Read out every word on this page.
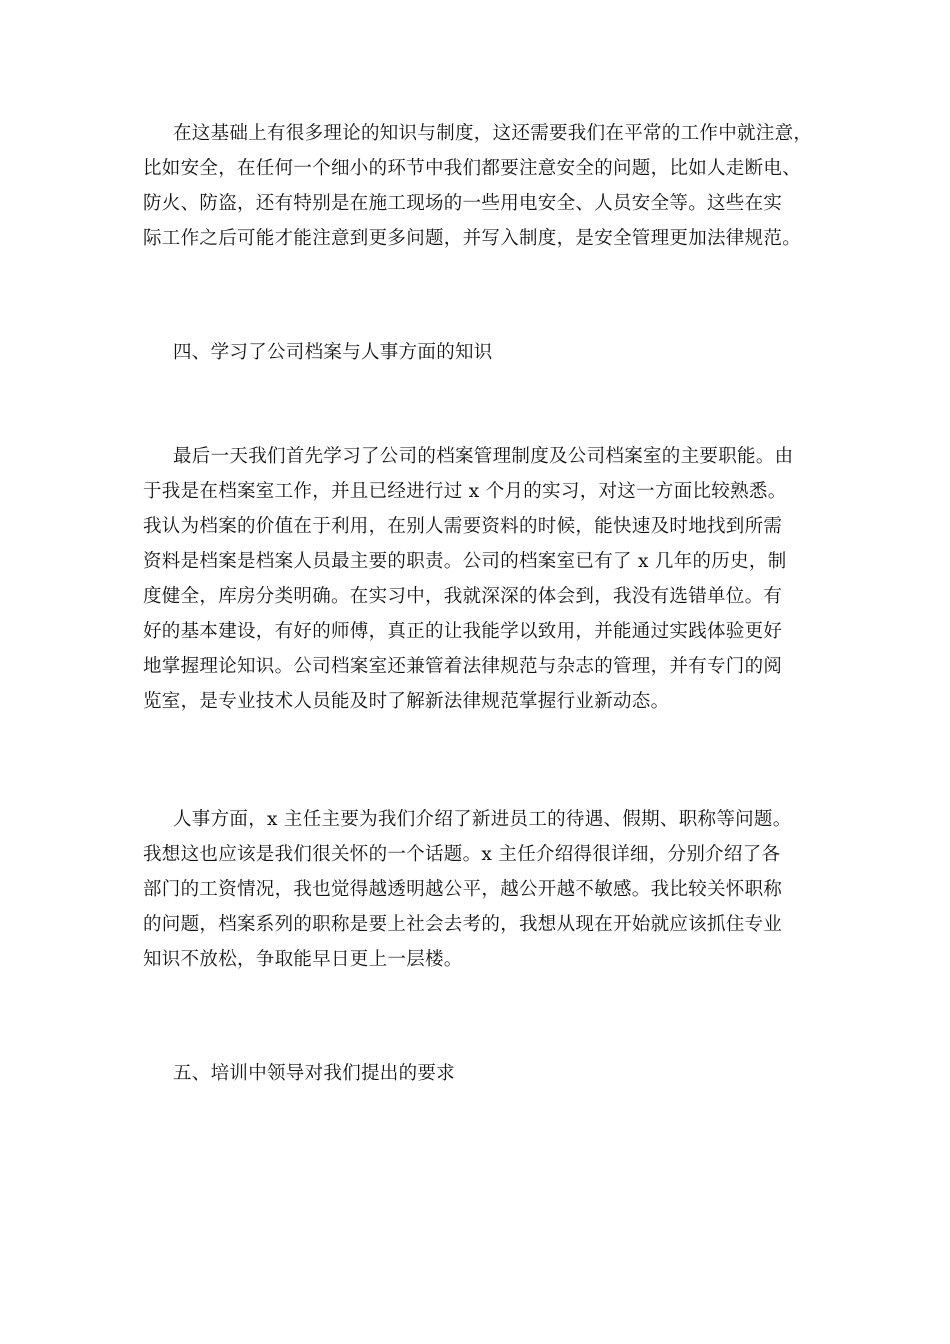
在这基础上有很多理论的知识与制度，这还需要我们在平常的工作中就注意，
比如安全，在任何一个细小的环节中我们都要注意安全的问题，比如人走断电、
防火、防盗，还有特别是在施工现场的一些用电安全、人员安全等。这些在实
际工作之后可能才能注意到更多问题，并写入制度，是安全管理更加法律规范。
四、学习了公司档案与人事方面的知识
最后一天我们首先学习了公司的档案管理制度及公司档案室的主要职能。由
于我是在档案室工作，并且已经进行过 x 个月的实习，对这一方面比较熟悉。
我认为档案的价值在于利用，在别人需要资料的时候，能快速及时地找到所需
资料是档案是档案人员最主要的职责。公司的档案室已有了 x 几年的历史，制
度健全，库房分类明确。在实习中，我就深深的体会到，我没有选错单位。有
好的基本建设，有好的师傅，真正的让我能学以致用，并能通过实践体验更好
地掌握理论知识。公司档案室还兼管着法律规范与杂志的管理，并有专门的阅
览室，是专业技术人员能及时了解新法律规范掌握行业新动态。
人事方面，x 主任主要为我们介绍了新进员工的待遇、假期、职称等问题。
我想这也应该是我们很关怀的一个话题。x 主任介绍得很详细，分别介绍了各
部门的工资情况，我也觉得越透明越公平，越公开越不敏感。我比较关怀职称
的问题，档案系列的职称是要上社会去考的，我想从现在开始就应该抓住专业
知识不放松，争取能早日更上一层楼。
五、培训中领导对我们提出的要求
